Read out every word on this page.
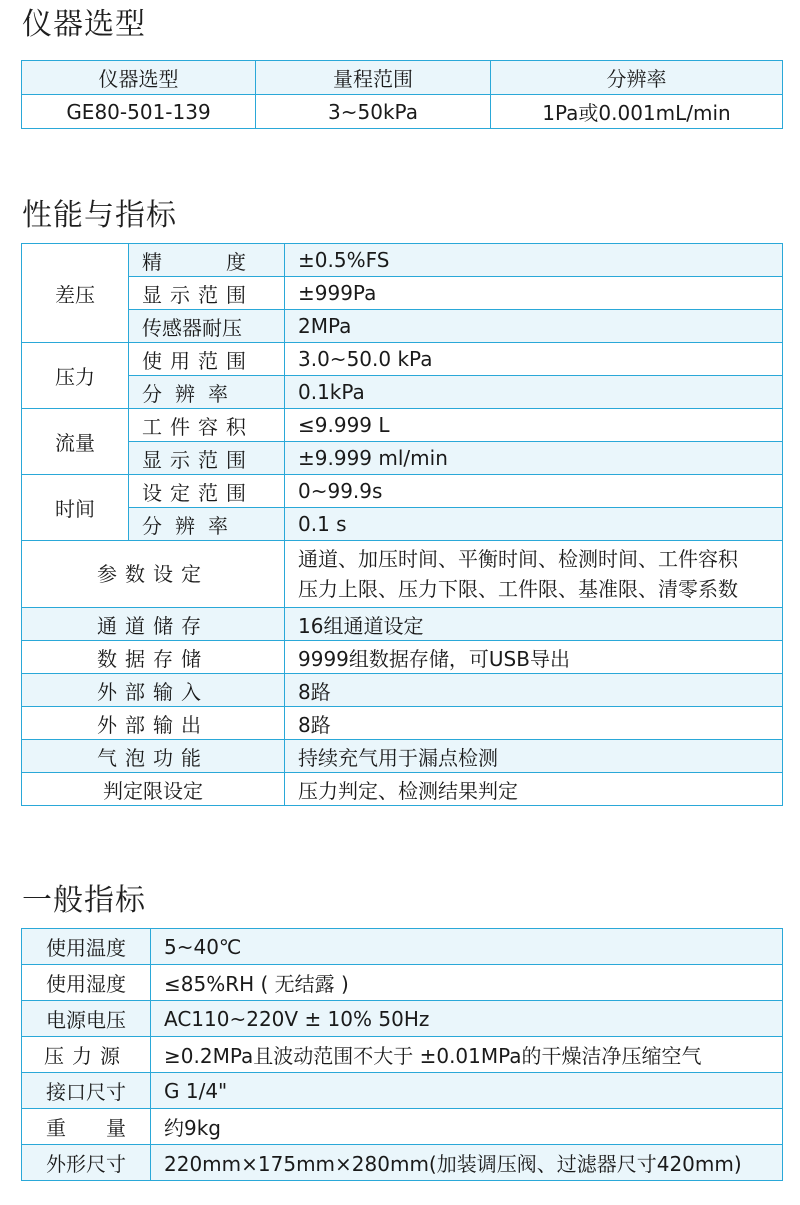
仪器选型
仪器选型	量程范围	分辨率
GE80-501-139	3~50kPa	1Pa或0.001mL/min
性能与指标
差压	精　　度	±0.5%FS
	显示范围	±999Pa
	传感器耐压	2MPa
压力	使用范围	3.0~50.0 kPa
	分辨率	0.1kPa
流量	工件容积	≤9.999 L
	显示范围	±9.999 ml/min
时间	设定范围	0~99.9s
	分辨率	0.1 s
参数设定		通道、加压时间、平衡时间、检测时间、工件容积
压力上限、压力下限、工件限、基准限、清零系数

通道储存		16组通道设定
数据存储		9999组数据存储，可USB导出
外部输入		8路
外部输出		8路
气泡功能		持续充气用于漏点检测
判定限设定		压力判定、检测结果判定
一般指标
使用温度	5~40℃
使用湿度	≤85%RH ( 无结露 )
电源电压	AC110~220V ± 10% 50Hz
压力源	≥0.2MPa且波动范围不大于 ±0.01MPa的干燥洁净压缩空气
接口尺寸	G 1/4"
重　　量	约9kg
外形尺寸	220mm×175mm×280mm(加装调压阀、过滤器尺寸420mm)
